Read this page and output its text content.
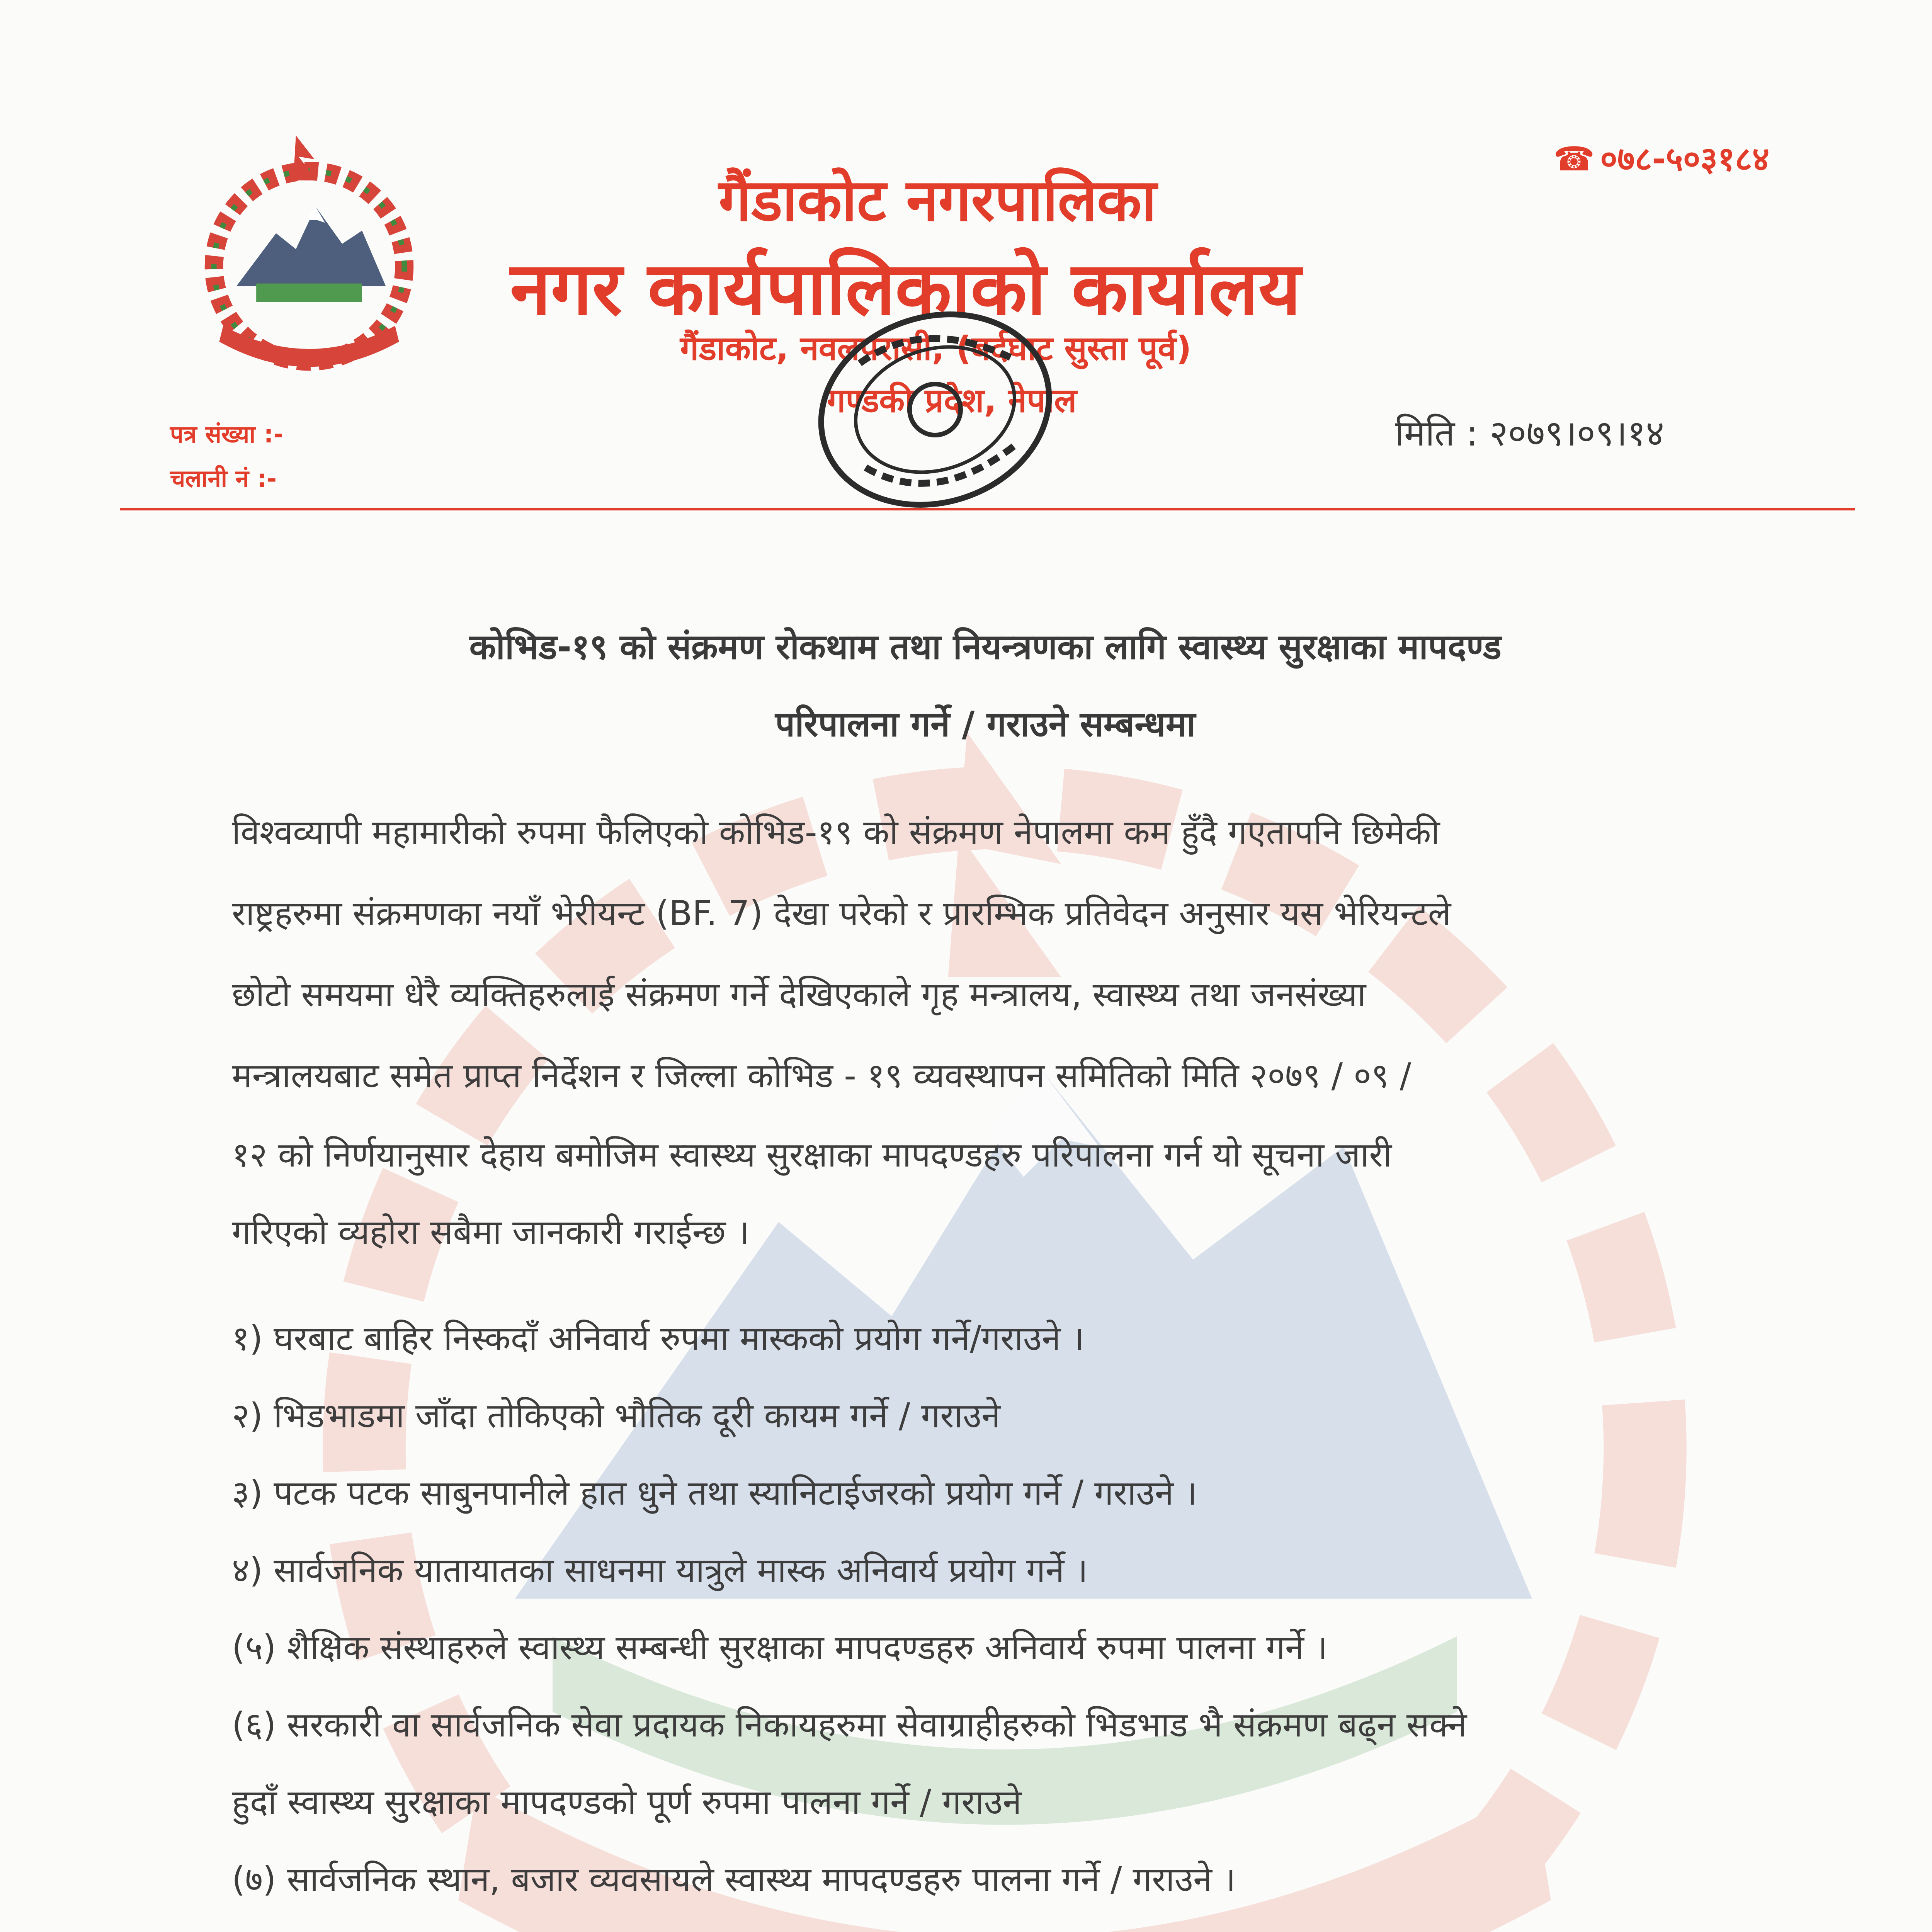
☎ ०७८-५०३१८४
गैंडाकोट नगरपालिका
नगर कार्यपालिकाको कार्यालय
गैंडाकोट, नवलपरासी, (बर्दघाट सुस्ता पूर्व)
गण्डकी प्रदेश, नेपाल
पत्र संख्या :-
चलानी नं :-
मिति : २०७९।०९।१४
कोभिड-१९ को संक्रमण रोकथाम तथा नियन्त्रणका लागि स्वास्थ्य सुरक्षाका मापदण्ड
परिपालना गर्ने / गराउने सम्बन्धमा
विश्वव्यापी महामारीको रुपमा फैलिएको कोभिड-१९ को संक्रमण नेपालमा कम हुँदै गएतापनि छिमेकी
राष्ट्रहरुमा संक्रमणका नयाँ भेरीयन्ट (BF. 7) देखा परेको र प्रारम्भिक प्रतिवेदन अनुसार यस भेरियन्टले
छोटो समयमा धेरै व्यक्तिहरुलाई संक्रमण गर्ने देखिएकाले गृह मन्त्रालय, स्वास्थ्य तथा जनसंख्या
मन्त्रालयबाट समेत प्राप्त निर्देशन र जिल्ला कोभिड - १९ व्यवस्थापन समितिको मिति २०७९ / ०९ /
१२ को निर्णयानुसार देहाय बमोजिम स्वास्थ्य सुरक्षाका मापदण्डहरु परिपालना गर्न यो सूचना जारी
गरिएको व्यहोरा सबैमा जानकारी गराईन्छ ।
१) घरबाट बाहिर निस्कदाँ अनिवार्य रुपमा मास्कको प्रयोग गर्ने/गराउने ।
२) भिडभाडमा जाँदा तोकिएको भौतिक दूरी कायम गर्ने / गराउने
३) पटक पटक साबुनपानीले हात धुने तथा स्यानिटाईजरको प्रयोग गर्ने / गराउने ।
४) सार्वजनिक यातायातका साधनमा यात्रुले मास्क अनिवार्य प्रयोग गर्ने ।
(५) शैक्षिक संस्थाहरुले स्वास्थ्य सम्बन्धी सुरक्षाका मापदण्डहरु अनिवार्य रुपमा पालना गर्ने ।
(६) सरकारी वा सार्वजनिक सेवा प्रदायक निकायहरुमा सेवाग्राहीहरुको भिडभाड भै संक्रमण बढ्न सक्ने
हुदाँ स्वास्थ्य सुरक्षाका मापदण्डको पूर्ण रुपमा पालना गर्ने / गराउने
(७) सार्वजनिक स्थान, बजार व्यवसायले स्वास्थ्य मापदण्डहरु पालना गर्ने / गराउने ।
